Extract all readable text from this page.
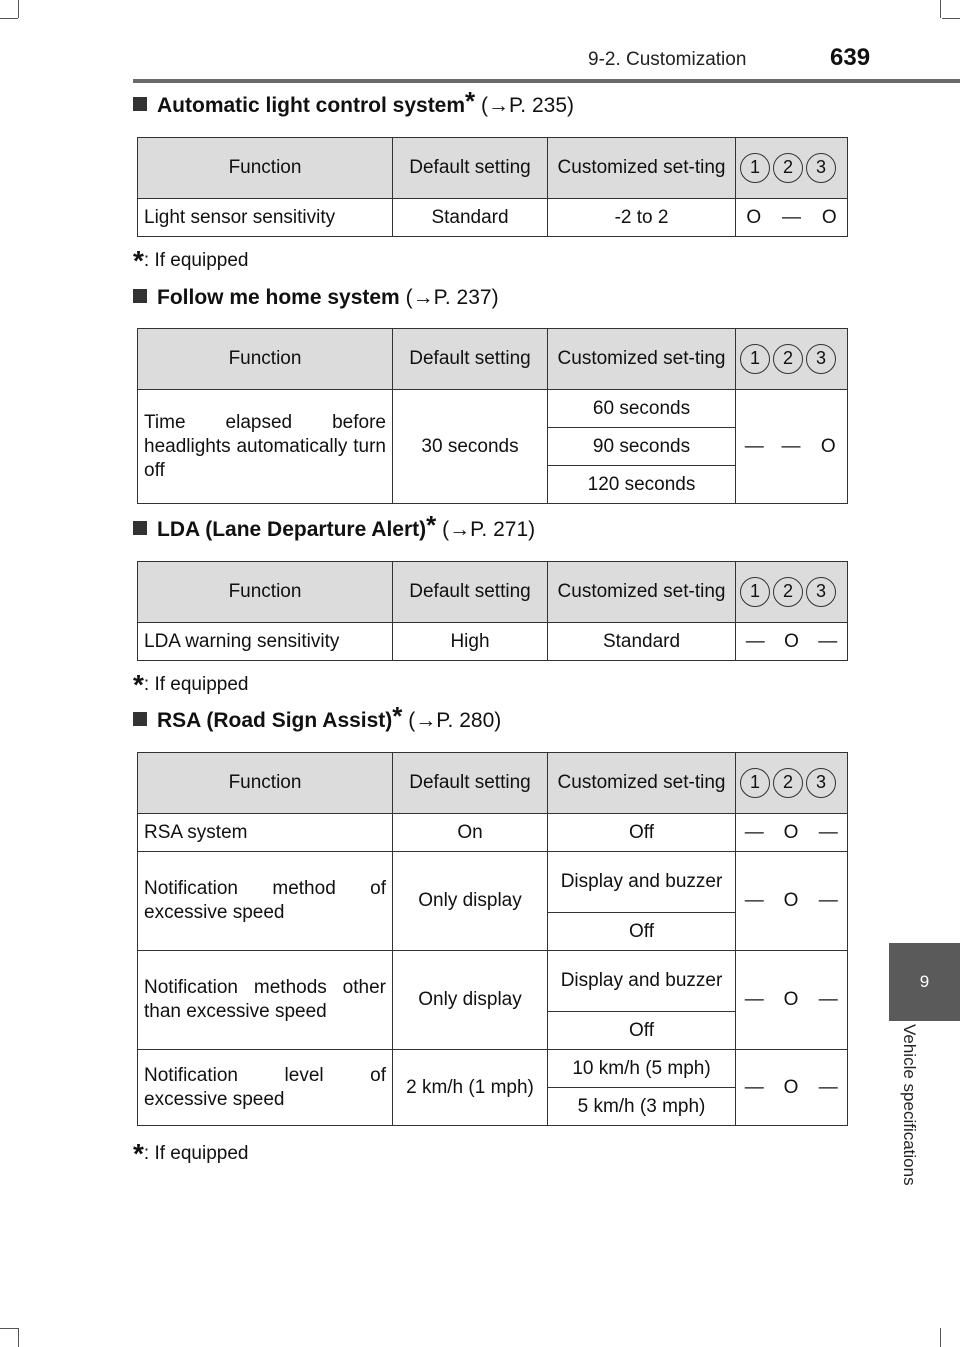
9-2. Customization	639
9
Vehicle specifications
Automatic light control system* (→P. 235)
Function	Default setting	Customized set-ting	1 2 3

Light sensor sensitivity	Standard	-2 to 2	O — O
*: If equipped
Follow me home system (→P. 237)
Function	Default setting	Customized set-ting	1 2 3		

Time elapsed before headlights automatically turn off	30 seconds	60 seconds	—	—	O
		90 seconds			
		120 seconds			
LDA (Lane Departure Alert)* (→P. 271)
Function	Default setting	Customized set-ting	1 2 3

LDA warning sensitivity	High	Standard	— O —
*: If equipped
RSA (Road Sign Assist)* (→P. 280)
Function	Default setting	Customized set-ting	1 2 3		

RSA system	On	Off	—	O	—
Notification method of excessive speed	Only display	Display and buzzer	—	O	—
		Off			
Notification methods other than excessive speed	Only display	Display and buzzer	—	O	—
		Off			
Notification level of excessive speed	2 km/h (1 mph)	10 km/h (5 mph)	—	O	—
		5 km/h (3 mph)			
*: If equipped
